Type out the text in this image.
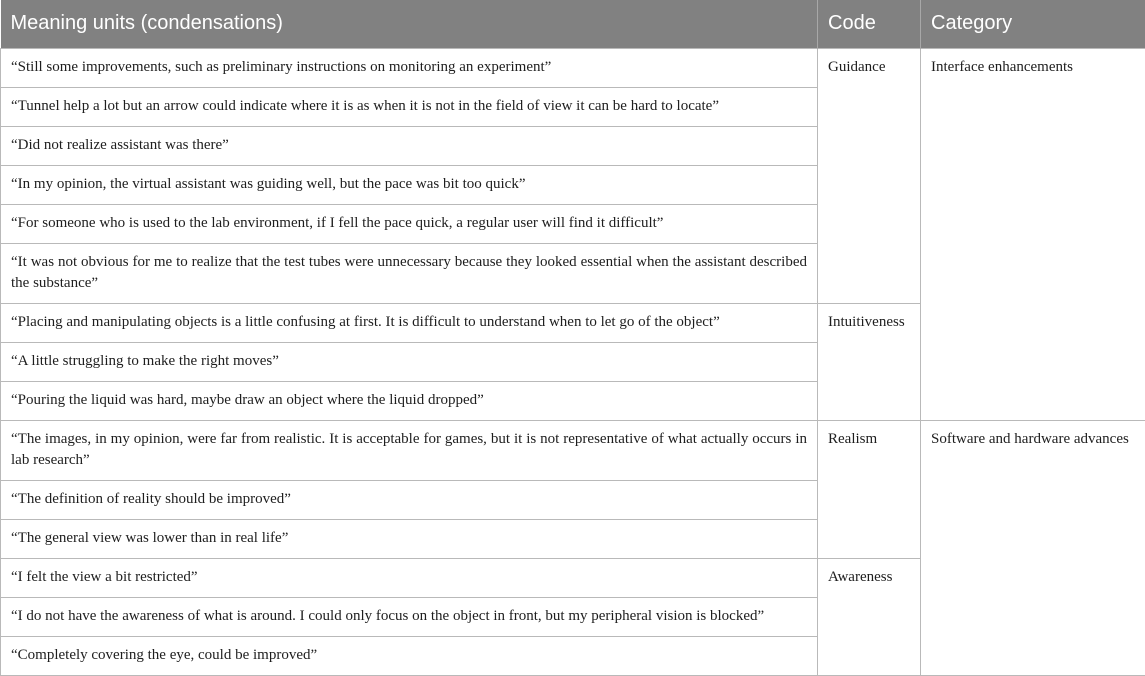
Meaning units (condensations)	Code	Category
“Still some improvements, such as preliminary instructions on monitoring an experiment”	Guidance	Interface enhancements
“Tunnel help a lot but an arrow could indicate where it is as when it is not in the field of view it can be hard to locate”		
“Did not realize assistant was there”		
“In my opinion, the virtual assistant was guiding well, but the pace was bit too quick”		
“For someone who is used to the lab environment, if I fell the pace quick, a regular user will find it difficult”		
“It was not obvious for me to realize that the test tubes were unnecessary because they looked essential when the assistant described the substance”		
“Placing and manipulating objects is a little confusing at first. It is difficult to understand when to let go of the object”	Intuitiveness	
“A little struggling to make the right moves”		
“Pouring the liquid was hard, maybe draw an object where the liquid dropped”		
“The images, in my opinion, were far from realistic. It is acceptable for games, but it is not representative of what actually occurs in lab research”	Realism	Software and hardware advances
“The definition of reality should be improved”		
“The general view was lower than in real life”		
“I felt the view a bit restricted”	Awareness	
“I do not have the awareness of what is around. I could only focus on the object in front, but my peripheral vision is blocked”		
“Completely covering the eye, could be improved”		
